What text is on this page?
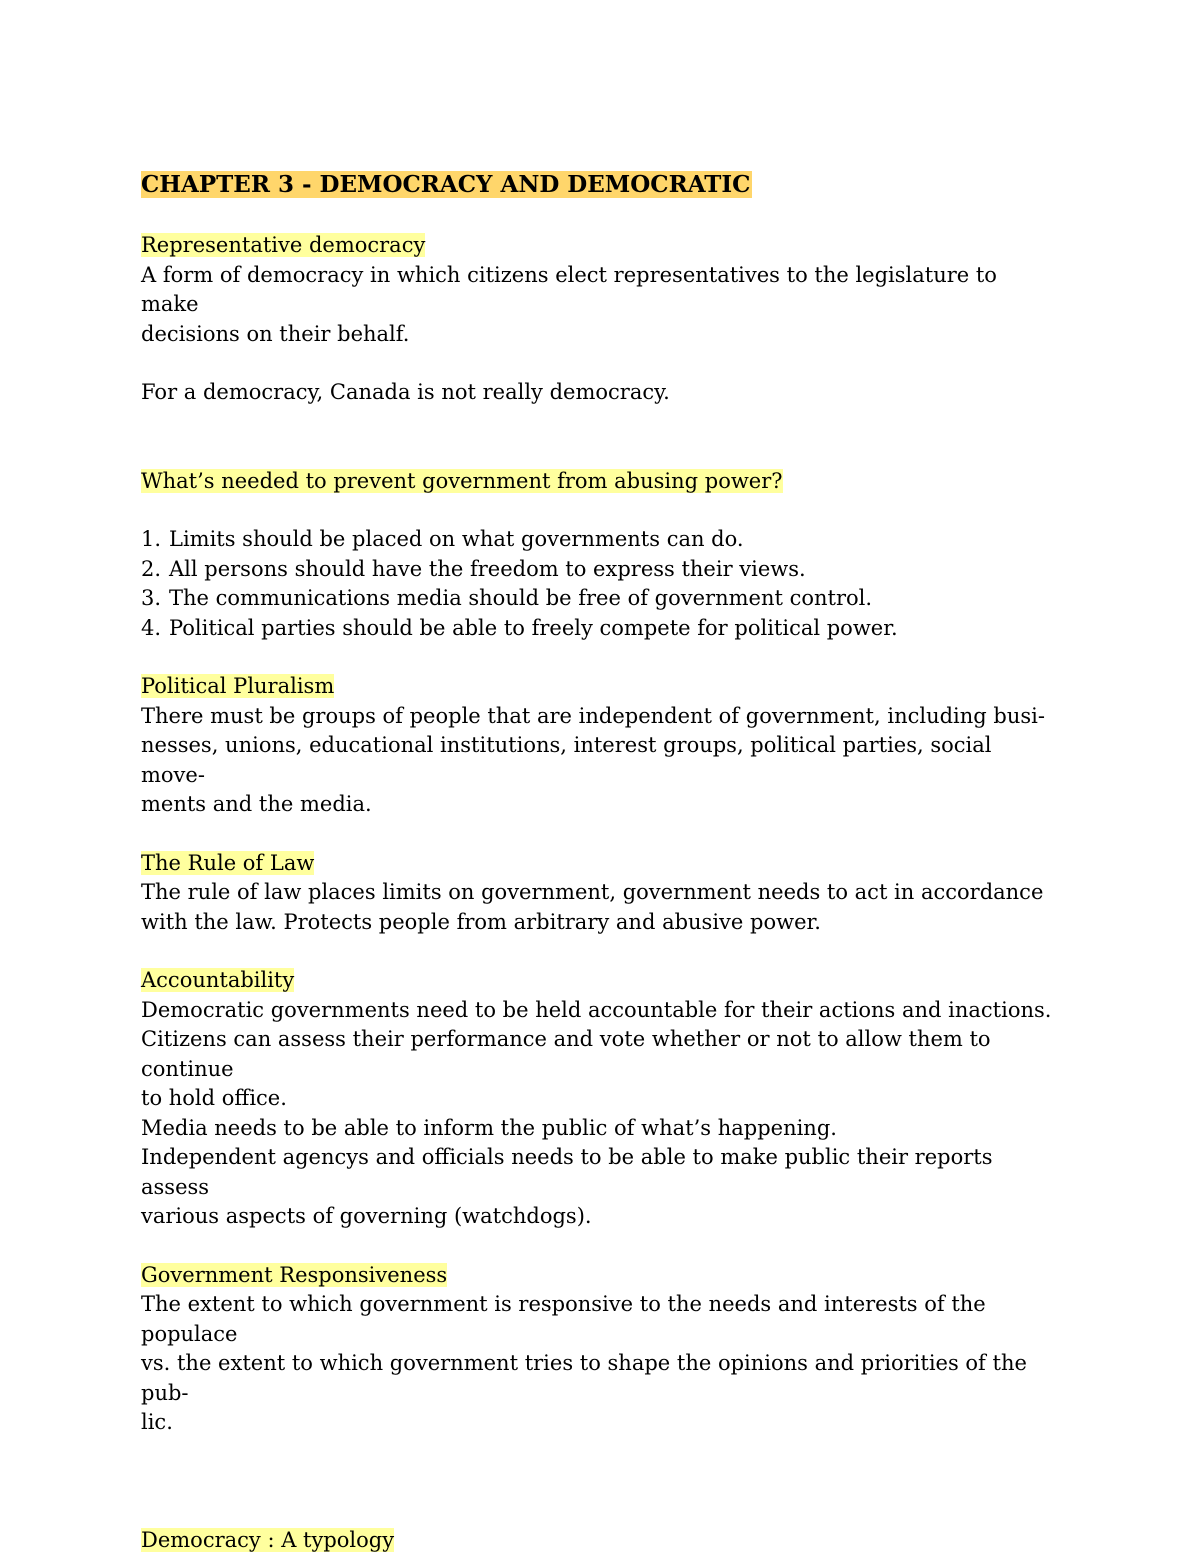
CHAPTER 3 - DEMOCRACY AND DEMOCRATIC

Representative democracy

A form of democracy in which citizens elect representatives to the legislature to make

decisions on their behalf.

For a democracy, Canada is not really democracy.

What’s needed to prevent government from abusing power?

1. Limits should be placed on what governments can do.
2. All persons should have the freedom to express their views.
3. The communications media should be free of government control.
4. Political parties should be able to freely compete for political power.

Political Pluralism

There must be groups of people that are independent of government, including busi-

nesses, unions, educational institutions, interest groups, political parties, social move-

ments and the media.

The Rule of Law

The rule of law places limits on government, government needs to act in accordance

with the law. Protects people from arbitrary and abusive power.

Accountability

Democratic governments need to be held accountable for their actions and inactions.

Citizens can assess their performance and vote whether or not to allow them to continue

to hold office.

Media needs to be able to inform the public of what’s happening.

Independent agencys and officials needs to be able to make public their reports assess

various aspects of governing (watchdogs).

Government Responsiveness

The extent to which government is responsive to the needs and interests of the populace

vs. the extent to which government tries to shape the opinions and priorities of the pub-

lic.

Democracy : A typology
